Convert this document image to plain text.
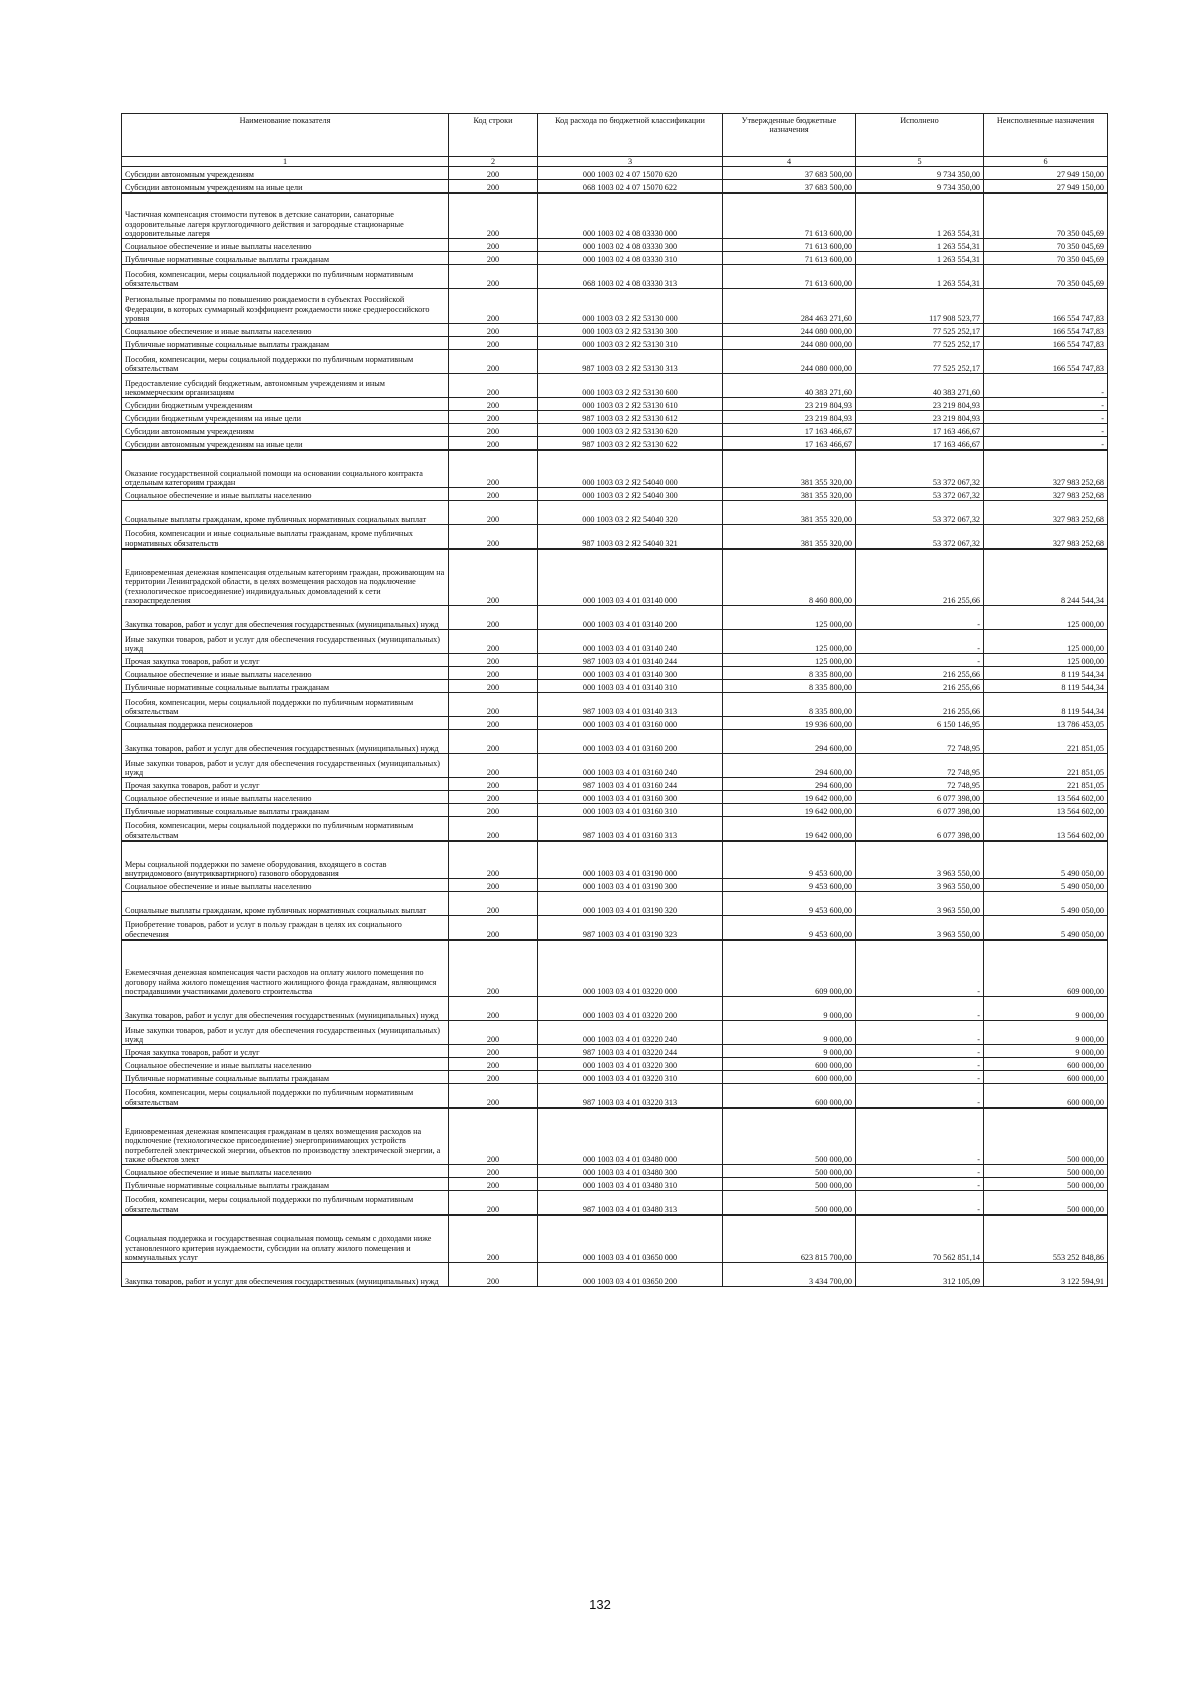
Наименование показателя	Код строки	Код расхода по бюджетной классификации	Утвержденные бюджетные назначения	Исполнено	Неисполненные назначения
1	2	3	4	5	6
Субсидии автономным учреждениям	200	000 1003 02 4 07 15070 620	37 683 500,00	9 734 350,00	27 949 150,00
Субсидии автономным учреждениям на иные цели	200	068 1003 02 4 07 15070 622	37 683 500,00	9 734 350,00	27 949 150,00
Частичная компенсация стоимости путевок в детские санатории, санаторные оздоровительные лагеря круглогодичного действия и загородные стационарные оздоровительные лагеря	200	000 1003 02 4 08 03330 000	71 613 600,00	1 263 554,31	70 350 045,69
Социальное обеспечение и иные выплаты населению	200	000 1003 02 4 08 03330 300	71 613 600,00	1 263 554,31	70 350 045,69
Публичные нормативные социальные выплаты гражданам	200	000 1003 02 4 08 03330 310	71 613 600,00	1 263 554,31	70 350 045,69
Пособия, компенсации, меры социальной поддержки по публичным нормативным обязательствам	200	068 1003 02 4 08 03330 313	71 613 600,00	1 263 554,31	70 350 045,69
Региональные программы по повышению рождаемости в субъектах Российской Федерации, в которых суммарный коэффициент рождаемости ниже среднероссийского уровня	200	000 1003 03 2 Я2 53130 000	284 463 271,60	117 908 523,77	166 554 747,83
Социальное обеспечение и иные выплаты населению	200	000 1003 03 2 Я2 53130 300	244 080 000,00	77 525 252,17	166 554 747,83
Публичные нормативные социальные выплаты гражданам	200	000 1003 03 2 Я2 53130 310	244 080 000,00	77 525 252,17	166 554 747,83
Пособия, компенсации, меры социальной поддержки по публичным нормативным обязательствам	200	987 1003 03 2 Я2 53130 313	244 080 000,00	77 525 252,17	166 554 747,83
Предоставление субсидий бюджетным, автономным учреждениям и иным некоммерческим организациям	200	000 1003 03 2 Я2 53130 600	40 383 271,60	40 383 271,60	-
Субсидии бюджетным учреждениям	200	000 1003 03 2 Я2 53130 610	23 219 804,93	23 219 804,93	-
Субсидии бюджетным учреждениям на иные цели	200	987 1003 03 2 Я2 53130 612	23 219 804,93	23 219 804,93	-
Субсидии автономным учреждениям	200	000 1003 03 2 Я2 53130 620	17 163 466,67	17 163 466,67	-
Субсидии автономным учреждениям на иные цели	200	987 1003 03 2 Я2 53130 622	17 163 466,67	17 163 466,67	-
Оказание государственной социальной помощи на основании социального контракта отдельным категориям граждан	200	000 1003 03 2 Я2 54040 000	381 355 320,00	53 372 067,32	327 983 252,68
Социальное обеспечение и иные выплаты населению	200	000 1003 03 2 Я2 54040 300	381 355 320,00	53 372 067,32	327 983 252,68
Социальные выплаты гражданам, кроме публичных нормативных социальных выплат	200	000 1003 03 2 Я2 54040 320	381 355 320,00	53 372 067,32	327 983 252,68
Пособия, компенсации и иные социальные выплаты гражданам, кроме публичных нормативных обязательств	200	987 1003 03 2 Я2 54040 321	381 355 320,00	53 372 067,32	327 983 252,68
Единовременная денежная компенсация отдельным категориям граждан, проживающим на территории Ленинградской области, в целях возмещения расходов на подключение (технологическое присоединение) индивидуальных домовладений к сети газораспределения	200	000 1003 03 4 01 03140 000	8 460 800,00	216 255,66	8 244 544,34
Закупка товаров, работ и услуг для обеспечения государственных (муниципальных) нужд	200	000 1003 03 4 01 03140 200	125 000,00	-	125 000,00
Иные закупки товаров, работ и услуг для обеспечения государственных (муниципальных) нужд	200	000 1003 03 4 01 03140 240	125 000,00	-	125 000,00
Прочая закупка товаров, работ и услуг	200	987 1003 03 4 01 03140 244	125 000,00	-	125 000,00
Социальное обеспечение и иные выплаты населению	200	000 1003 03 4 01 03140 300	8 335 800,00	216 255,66	8 119 544,34
Публичные нормативные социальные выплаты гражданам	200	000 1003 03 4 01 03140 310	8 335 800,00	216 255,66	8 119 544,34
Пособия, компенсации, меры социальной поддержки по публичным нормативным обязательствам	200	987 1003 03 4 01 03140 313	8 335 800,00	216 255,66	8 119 544,34
Социальная поддержка пенсионеров	200	000 1003 03 4 01 03160 000	19 936 600,00	6 150 146,95	13 786 453,05
Закупка товаров, работ и услуг для обеспечения государственных (муниципальных) нужд	200	000 1003 03 4 01 03160 200	294 600,00	72 748,95	221 851,05
Иные закупки товаров, работ и услуг для обеспечения государственных (муниципальных) нужд	200	000 1003 03 4 01 03160 240	294 600,00	72 748,95	221 851,05
Прочая закупка товаров, работ и услуг	200	987 1003 03 4 01 03160 244	294 600,00	72 748,95	221 851,05
Социальное обеспечение и иные выплаты населению	200	000 1003 03 4 01 03160 300	19 642 000,00	6 077 398,00	13 564 602,00
Публичные нормативные социальные выплаты гражданам	200	000 1003 03 4 01 03160 310	19 642 000,00	6 077 398,00	13 564 602,00
Пособия, компенсации, меры социальной поддержки по публичным нормативным обязательствам	200	987 1003 03 4 01 03160 313	19 642 000,00	6 077 398,00	13 564 602,00
Меры социальной поддержки по замене оборудования, входящего в состав внутридомового (внутриквартирного) газового оборудования	200	000 1003 03 4 01 03190 000	9 453 600,00	3 963 550,00	5 490 050,00
Социальное обеспечение и иные выплаты населению	200	000 1003 03 4 01 03190 300	9 453 600,00	3 963 550,00	5 490 050,00
Социальные выплаты гражданам, кроме публичных нормативных социальных выплат	200	000 1003 03 4 01 03190 320	9 453 600,00	3 963 550,00	5 490 050,00
Приобретение товаров, работ и услуг в пользу граждан в целях их социального обеспечения	200	987 1003 03 4 01 03190 323	9 453 600,00	3 963 550,00	5 490 050,00
Ежемесячная денежная компенсация части расходов на оплату жилого помещения по договору найма жилого помещения частного жилищного фонда гражданам, являющимся пострадавшими участниками долевого строительства	200	000 1003 03 4 01 03220 000	609 000,00	-	609 000,00
Закупка товаров, работ и услуг для обеспечения государственных (муниципальных) нужд	200	000 1003 03 4 01 03220 200	9 000,00	-	9 000,00
Иные закупки товаров, работ и услуг для обеспечения государственных (муниципальных) нужд	200	000 1003 03 4 01 03220 240	9 000,00	-	9 000,00
Прочая закупка товаров, работ и услуг	200	987 1003 03 4 01 03220 244	9 000,00	-	9 000,00
Социальное обеспечение и иные выплаты населению	200	000 1003 03 4 01 03220 300	600 000,00	-	600 000,00
Публичные нормативные социальные выплаты гражданам	200	000 1003 03 4 01 03220 310	600 000,00	-	600 000,00
Пособия, компенсации, меры социальной поддержки по публичным нормативным обязательствам	200	987 1003 03 4 01 03220 313	600 000,00	-	600 000,00
Единовременная денежная компенсация гражданам в целях возмещения расходов на подключение (технологическое присоединение) энергопринимающих устройств потребителей электрической энергии, объектов по производству электрической энергии, а также объектов элект	200	000 1003 03 4 01 03480 000	500 000,00	-	500 000,00
Социальное обеспечение и иные выплаты населению	200	000 1003 03 4 01 03480 300	500 000,00	-	500 000,00
Публичные нормативные социальные выплаты гражданам	200	000 1003 03 4 01 03480 310	500 000,00	-	500 000,00
Пособия, компенсации, меры социальной поддержки по публичным нормативным обязательствам	200	987 1003 03 4 01 03480 313	500 000,00	-	500 000,00
Социальная поддержка и государственная социальная помощь семьям с доходами ниже установленного критерия нуждаемости, субсидии на оплату жилого помещения и коммунальных услуг	200	000 1003 03 4 01 03650 000	623 815 700,00	70 562 851,14	553 252 848,86
Закупка товаров, работ и услуг для обеспечения государственных (муниципальных) нужд	200	000 1003 03 4 01 03650 200	3 434 700,00	312 105,09	3 122 594,91
132
